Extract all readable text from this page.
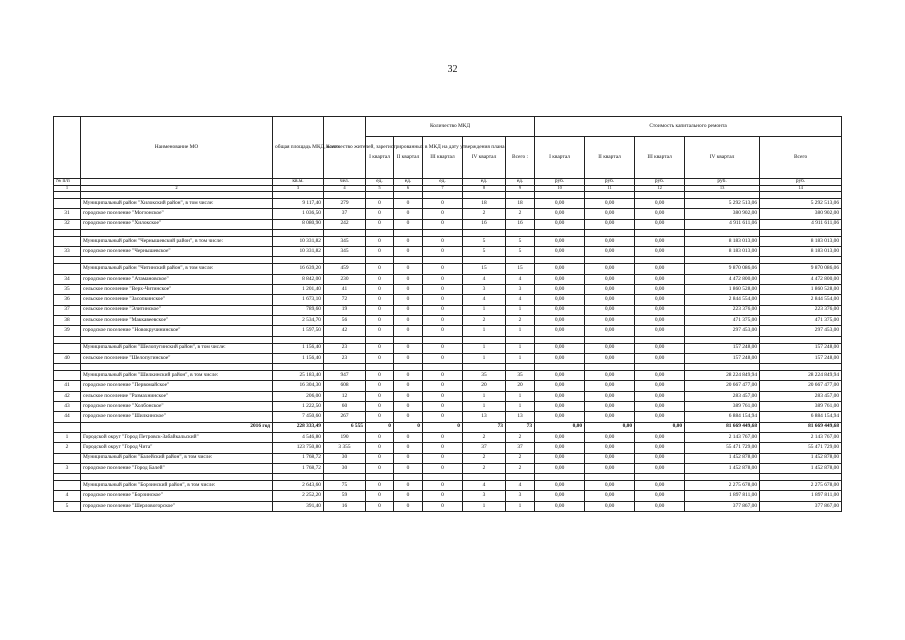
32
	Наименование МО	общая площадь МКД, всего	Количество жителей, зарегистрированных в МКД на дату утверждения плана	Количество МКД					Стоимость капитального ремонта				
				I квартал	II квартал	III квартал	IV квартал	Всего :	I квартал	II квартал	III квартал	IV квартал	Всего
№ п/п		кв.м.	чел.	ед.	ед.	ед.	ед.	ед.	руб.	руб.	руб.	руб.	руб.
1	2	3	4	5	6	7	8	9	10	11	12	13	14

	Муниципальный район "Хилокский район", в том числе:	9 117,40	279	0	0	0	18	18	0,00	0,00	0,00	5 292 513,06	5 292 513,06
31	городское поселение "Могзонское"	1 036,50	37	0	0	0	2	2	0,00	0,00	0,00	380 902,00	380 902,00
32	городское поселение "Хилокское"	8 080,90	242	0	0	0	16	16	0,00	0,00	0,00	4 911 611,06	4 911 611,06

	Муниципальный район "Чернышевский район", в том числе:	10 331,82	345	0	0	0	5	5	0,00	0,00	0,00	8 183 013,00	8 183 013,00
33	городское поселение "Чернышевское"	10 331,82	345	0	0	0	5	5	0,00	0,00	0,00	8 183 013,00	8 183 013,00

	Муниципальный район "Читинский район", в том числе:	16 639,20	459	0	0	0	15	15	0,00	0,00	0,00	9 870 086,06	9 870 086,06
34	городское поселение "Атамановское"	8 842,00	230	0	0	0	4	4	0,00	0,00	0,00	4 472 800,00	4 472 800,00
35	сельское поселение "Верх-Читинское"	1 201,40	41	0	0	0	3	3	0,00	0,00	0,00	1 860 528,00	1 860 528,00
36	сельское поселение "Засопкинское"	1 673,10	72	0	0	0	4	4	0,00	0,00	0,00	2 844 554,00	2 844 554,00
37	сельское поселение "Элитинское"	789,60	19	0	0	0	1	1	0,00	0,00	0,00	223 376,00	223 376,00
38	сельское поселение "Маккавеевское"	2 534,70	56	0	0	0	2	2	0,00	0,00	0,00	471 375,00	471 375,00
39	городское поселение "Новокручининское"	1 597,50	42	0	0	0	1	1	0,00	0,00	0,00	297 453,00	297 453,00

	Муниципальный район "Шелопугинский район", в том числе:	1 156,40	23	0	0	0	1	1	0,00	0,00	0,00	157 248,00	157 248,00
40	сельское поселение "Шелопугинское"	1 156,40	23	0	0	0	1	1	0,00	0,00	0,00	157 248,00	157 248,00

	Муниципальный район "Шилкинский район", в том числе:	25 183,40	947	0	0	0	35	35	0,00	0,00	0,00	28 224 849,94	28 224 849,94
41	городское поселение "Первомайское"	16 304,30	608	0	0	0	20	20	0,00	0,00	0,00	20 667 477,00	20 667 477,00
42	сельское поселение "Размахнинское"	206,00	12	0	0	0	1	1	0,00	0,00	0,00	283 457,00	283 457,00
43	городское поселение "Холбонское"	1 222,50	60	0	0	0	1	1	0,00	0,00	0,00	389 761,00	389 761,00
44	городское поселение "Шилкинское"	7 450,60	267	0	0	0	13	13	0,00	0,00	0,00	6 884 154,94	6 884 154,94
	2016 год	228 333,49	6 555	0	0	0	73	73	0,00	0,00	0,00	81 669 449,68	81 669 449,68
1	Городской округ "Город Петровск-Забайкальский"	4 546,80	190	0	0	0	2	2	0,00	0,00	0,00	2 143 767,00	2 143 767,00
2	Городской округ "Город Чита"	123 750,80	3 355	0	0	0	37	37	0,00	0,00	0,00	55 471 729,00	55 471 729,00
	Муниципальный район "Балейский район", в том числе:	1 768,72	30	0	0	0	2	2	0,00	0,00	0,00	1 452 878,00	1 452 878,00
3	городское поселение "Город Балей"	1 768,72	30	0	0	0	2	2	0,00	0,00	0,00	1 452 878,00	1 452 878,00

	Муниципальный район "Борзинский район", в том числе:	2 643,60	75	0	0	0	4	4	0,00	0,00	0,00	2 275 678,00	2 275 678,00
4	городское поселение "Борзинское"	2 252,20	59	0	0	0	3	3	0,00	0,00	0,00	1 897 811,00	1 897 811,00
5	городское поселение "Шерловогорское"	391,40	16	0	0	0	1	1	0,00	0,00	0,00	377 867,00	377 867,00
